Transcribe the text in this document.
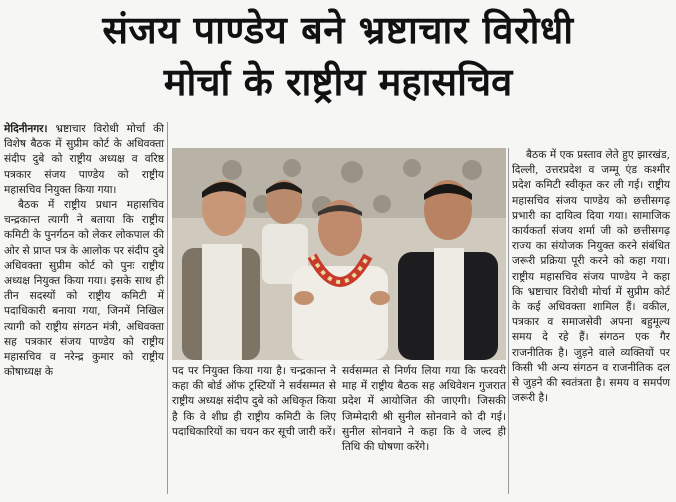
संजय पाण्डेय बने भ्रष्टाचार विरोधी
मोर्चा के राष्ट्रीय महासचिव

मेदिनीनगर। भ्रष्टाचार विरोधी मोर्चा की विशेष बैठक में सुप्रीम कोर्ट के अधिवक्ता संदीप दुबे को राष्ट्रीय अध्यक्ष व वरिष्ठ पत्रकार संजय पाण्डेय को राष्ट्रीय महासचिव नियुक्त किया गया।

बैठक में राष्ट्रीय प्रधान महासचिव चन्द्रकान्त त्यागी ने बताया कि राष्ट्रीय कमिटी के पुनर्गठन को लेकर लोकपाल की ओर से प्राप्त पत्र के आलोक पर संदीप दुबे अधिवक्ता सुप्रीम कोर्ट को पुनः राष्ट्रीय अध्यक्ष नियुक्त किया गया। इसके साथ ही तीन सदस्यों को राष्ट्रीय कमिटी में पदाधिकारी बनाया गया, जिनमें निखिल त्यागी को राष्ट्रीय संगठन मंत्री, अधिवक्ता सह पत्रकार संजय पाण्डेय को राष्ट्रीय महासचिव व नरेन्द्र कुमार को राष्ट्रीय कोषाध्यक्ष के	पद पर नियुक्त किया गया है। चन्द्रकान्त ने कहा की बोर्ड ऑफ ट्रस्टियों ने सर्वसम्मत से राष्ट्रीय अध्यक्ष संदीप दुबे को अधिकृत किया है कि वे शीघ्र ही राष्ट्रीय कमिटी के लिए पदाधिकारियों का चयन कर सूची जारी करें।
सर्वसम्मत से निर्णय लिया गया कि फरवरी माह में राष्ट्रीय बैठक सह अधिवेशन गुजरात प्रदेश में आयोजित की जाएगी। जिसकी जिम्मेदारी श्री सुनील सोनवाने को दी गई। सुनील सोनवाने ने कहा कि वे जल्द ही तिथि की घोषणा करेंगे।

बैठक में एक प्रस्ताव लेते हुए झारखंड, दिल्ली, उत्तरप्रदेश व जम्मू एंड कश्मीर प्रदेश कमिटी स्वीकृत कर ली गई। राष्ट्रीय महासचिव संजय पाण्डेय को छत्तीसगढ़ प्रभारी का दायित्व दिया गया। सामाजिक कार्यकर्ता संजय शर्मा जी को छत्तीसगढ़ राज्य का संयोजक नियुक्त करने संबंधित जरूरी प्रक्रिया पूरी करने को कहा गया। राष्ट्रीय महासचिव संजय पाण्डेय ने कहा कि भ्रष्टाचार विरोधी मोर्चा में सुप्रीम कोर्ट के कई अधिवक्ता शामिल हैं। वकील, पत्रकार व समाजसेवी अपना बहुमूल्य समय दे रहे हैं। संगठन एक गैर राजनीतिक है। जुड़ने वाले व्यक्तियों पर किसी भी अन्य संगठन व राजनीतिक दल से जुड़ने की स्वतंत्रता है। समय व समर्पण जरूरी है।
